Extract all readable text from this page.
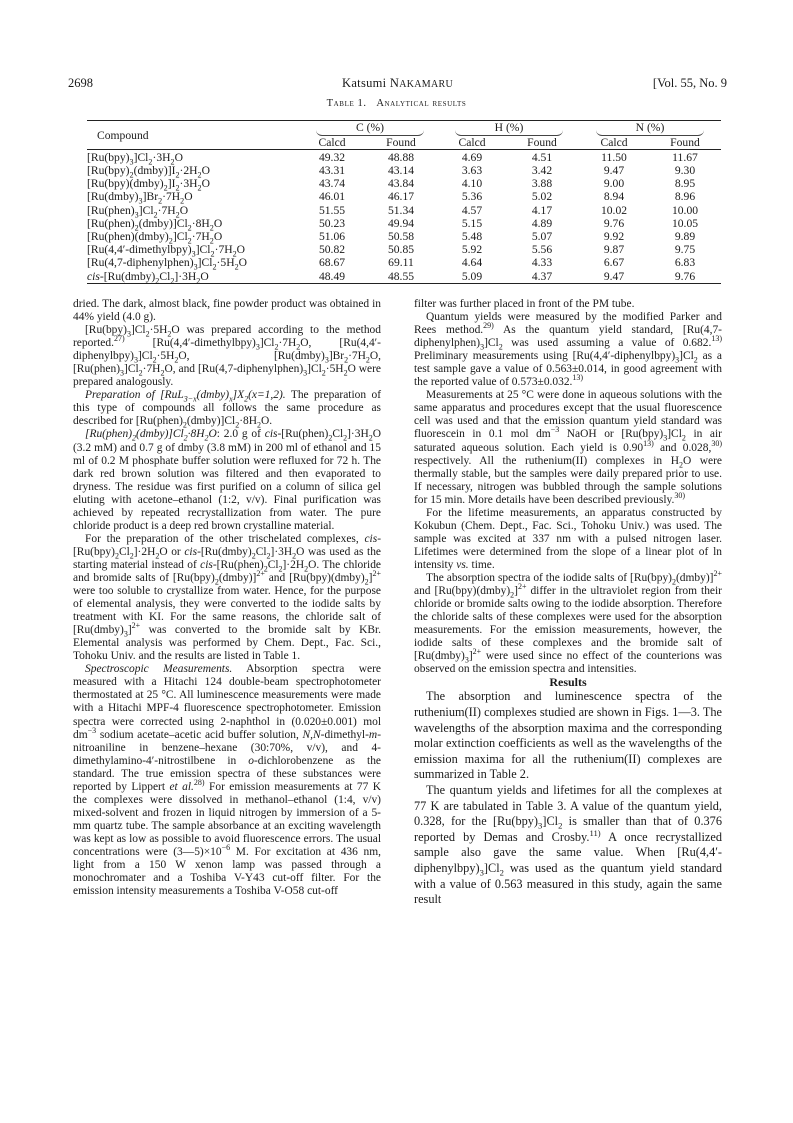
2698	Katsumi NAKAMARU	[Vol. 55, No. 9
Table 1. Analytical results
Compound	C (%)		H (%)		N (%)	
	Calcd	Found	Calcd	Found	Calcd	Found
$[Ru(bpy)_3]Cl_2\cdot 3H_2O$	49.32	48.88	4.69	4.51	11.50	11.67
$[Ru(bpy)_2(dmby)]I_2\cdot 2H_2O$	43.31	43.14	3.63	3.42	9.47	9.30
$[Ru(bpy)(dmby)_2]I_2\cdot 3H_2O$	43.74	43.84	4.10	3.88	9.00	8.95
$[Ru(dmby)_3]Br_2\cdot 7H_2O$	46.01	46.17	5.36	5.02	8.94	8.96
$[Ru(phen)_3]Cl_2\cdot 7H_2O$	51.55	51.34	4.57	4.17	10.02	10.00
$[Ru(phen)_2(dmby)]Cl_2\cdot 8H_2O$	50.23	49.94	5.15	4.89	9.76	10.05
$[Ru(phen)(dmby)_2]Cl_2\cdot 7H_2O$	51.06	50.58	5.48	5.07	9.92	9.89
$[Ru(4,4'-dimethylbpy)_3]Cl_2\cdot 7H_2O$	50.82	50.85	5.92	5.56	9.87	9.75
$[Ru(4,7-diphenylphen)_3]Cl_2\cdot 5H_2O$	68.67	69.11	4.64	4.33	6.67	6.83
cis-$[Ru(dmby)_2Cl_2]\cdot 3H_2O$	48.49	48.55	5.09	4.37	9.47	9.76

dried. The dark, almost black, fine powder product was obtained in 44% yield (4.0 g).

$[Ru(bpy)_3]Cl_2\cdot 5H_2O$ was prepared according to the method reported.$^{27)}$ $[Ru(4,4'-dimethylbpy)_3]Cl_2\cdot 7H_2O$, $[Ru(4,4'-diphenylbpy)_3]Cl_2\cdot 5H_2O$, $[Ru(dmby)_3]Br_2\cdot 7H_2O$, $[Ru(phen)_3]Cl_2\cdot 7H_2O$, and $[Ru(4,7-diphenylphen)_3]Cl_2\cdot 5H_2O$ were prepared analogously.

Preparation of $[RuL_{3-x}(dmby)_x]X_2(x=1,2)$. The preparation of this type of compounds all follows the same procedure as described for $[Ru(phen)_2(dmby)]Cl_2\cdot 8H_2O$.

$[Ru(phen)_2(dmby)]Cl_2\cdot 8H_2O$: 2.0 g of cis-$[Ru(phen)_2Cl_2]\cdot 3H_2O$ (3.2 mM) and 0.7 g of dmby (3.8 mM) in 200 ml of ethanol and 15 ml of 0.2 M phosphate buffer solution were refluxed for 72 h. The dark red brown solution was filtered and then evaporated to dryness. The residue was first purified on a column of silica gel eluting with acetone–ethanol (1:2, v/v). Final purification was achieved by repeated recrystallization from water. The pure chloride product is a deep red brown crystalline material.

For the preparation of the other trischelated complexes, cis-$[Ru(bpy)_2Cl_2]\cdot 2H_2O$ or cis-$[Ru(dmby)_2Cl_2]\cdot 3H_2O$ was used as the starting material instead of cis-$[Ru(phen)_2Cl_2]\cdot 2H_2O$. The chloride and bromide salts of $[Ru(bpy)_2(dmby)]^{2+}$ and $[Ru(bpy)(dmby)_2]^{2+}$ were too soluble to crystallize from water. Hence, for the purpose of elemental analysis, they were converted to the iodide salts by treatment with KI. For the same reasons, the chloride salt of $[Ru(dmby)_3]^{2+}$ was converted to the bromide salt by KBr. Elemental analysis was performed by Chem. Dept., Fac. Sci., Tohoku Univ. and the results are listed in Table 1.

Spectroscopic Measurements. Absorption spectra were measured with a Hitachi 124 double-beam spectrophotometer thermostated at 25 °C. All luminescence measurements were made with a Hitachi MPF-4 fluorescence spectrophotometer. Emission spectra were corrected using 2-naphthol in (0.020±0.001) mol $dm^{-3}$ sodium acetate–acetic acid buffer solution, N,N-dimethyl-m-nitroaniline in benzene–hexane (30:70%, v/v), and 4-dimethylamino-4′-nitrostilbene in o-dichlorobenzene as the standard. The true emission spectra of these substances were reported by Lippert et al.$^{28)}$ For emission measurements at 77 K the complexes were dissolved in methanol–ethanol (1:4, v/v) mixed-solvent and frozen in liquid nitrogen by immersion of a 5-mm quartz tube. The sample absorbance at an exciting wavelength was kept as low as possible to avoid fluorescence errors. The usual concentrations were $(3—5)\times 10^{-6}$ M. For excitation at 436 nm, light from a 150 W xenon lamp was passed through a monochromater and a Toshiba V-Y43 cut-off filter. For the emission intensity measurements a Toshiba V-O58 cut-off

filter was further placed in front of the PM tube.

Quantum yields were measured by the modified Parker and Rees method.$^{29)}$ As the quantum yield standard, $[Ru(4,7-diphenylphen)_3]Cl_2$ was used assuming a value of 0.682.$^{13)}$ Preliminary measurements using $[Ru(4,4'-diphenylbpy)_3]Cl_2$ as a test sample gave a value of 0.563±0.014, in good agreement with the reported value of 0.573±0.032.$^{13)}$

Measurements at 25 °C were done in aqueous solutions with the same apparatus and procedures except that the usual fluorescence cell was used and that the emission quantum yield standard was fluorescein in 0.1 mol $dm^{-3}$ NaOH or $[Ru(bpy)_3]Cl_2$ in air saturated aqueous solution. Each yield is 0.90$^{13)}$ and 0.028,$^{30)}$ respectively. All the ruthenium(II) complexes in $H_2O$ were thermally stable, but the samples were daily prepared prior to use. If necessary, nitrogen was bubbled through the sample solutions for 15 min. More details have been described previously.$^{30)}$

For the lifetime measurements, an apparatus constructed by Kokubun (Chem. Dept., Fac. Sci., Tohoku Univ.) was used. The sample was excited at 337 nm with a pulsed nitrogen laser. Lifetimes were determined from the slope of a linear plot of ln intensity vs. time.

The absorption spectra of the iodide salts of $[Ru(bpy)_2(dmby)]^{2+}$ and $[Ru(bpy)(dmby)_2]^{2+}$ differ in the ultraviolet region from their chloride or bromide salts owing to the iodide absorption. Therefore the chloride salts of these complexes were used for the absorption measurements. For the emission measurements, however, the iodide salts of these complexes and the bromide salt of $[Ru(dmby)_3]^{2+}$ were used since no effect of the counterions was observed on the emission spectra and intensities.

Results

The absorption and luminescence spectra of the ruthenium(II) complexes studied are shown in Figs. 1—3. The wavelengths of the absorption maxima and the corresponding molar extinction coefficients as well as the wavelengths of the emission maxima for all the ruthenium(II) complexes are summarized in Table 2.

The quantum yields and lifetimes for all the complexes at 77 K are tabulated in Table 3. A value of the quantum yield, 0.328, for the $[Ru(bpy)_3]Cl_2$ is smaller than that of 0.376 reported by Demas and Crosby.$^{11)}$ A once recrystallized sample also gave the same value. When $[Ru(4,4'-diphenylbpy)_3]Cl_2$ was used as the quantum yield standard with a value of 0.563 measured in this study, again the same result
